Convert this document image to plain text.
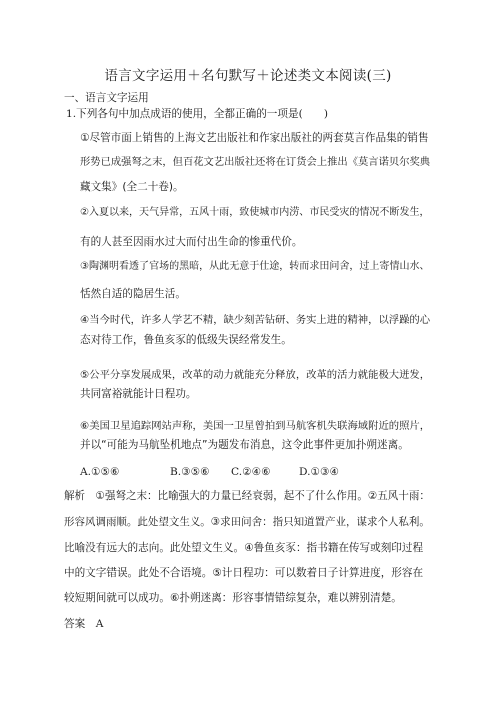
语言文字运用＋名句默写＋论述类文本阅读(三)
一、语言文字运用
1.下列各句中加点成语的使用，全都正确的一项是(　　)
①尽管市面上销售的上海文艺出版社和作家出版社的两套莫言作品集的销售
形势已成强弩之末，但百花文艺出版社还将在订货会上推出《莫言诺贝尔奖典
藏文集》(全二十卷)。
②入夏以来，天气异常，五风十雨，致使城市内涝、市民受灾的情况不断发生，
有的人甚至因雨水过大而付出生命的惨重代价。
③陶渊明看透了官场的黑暗，从此无意于仕途，转而求田问舍，过上寄情山水、
恬然自适的隐居生活。
④当今时代，许多人学艺不精，缺少刻苦钻研、务实上进的精神，以浮躁的心
态对待工作，鲁鱼亥豕的低级失误经常发生。
⑤公平分享发展成果，改革的动力就能充分释放，改革的活力就能极大迸发，
共同富裕就能计日程功。
⑥美国卫星追踪网站声称，美国一卫星曾拍到马航客机失联海域附近的照片，
并以“可能为马航坠机地点”为题发布消息，这令此事件更加扑朔迷离。
A.①⑤⑥	B.③⑤⑥ C.②④⑥	D.①③④
解析　①强弩之末：比喻强大的力量已经衰弱，起不了什么作用。②五风十雨：
形容风调雨顺。此处望文生义。③求田问舍：指只知道置产业，谋求个人私利。
比喻没有远大的志向。此处望文生义。④鲁鱼亥豕：指书籍在传写或刻印过程
中的文字错误。此处不合语境。⑤计日程功：可以数着日子计算进度，形容在
较短期间就可以成功。⑥扑朔迷离：形容事情错综复杂，难以辨别清楚。
答案　A
